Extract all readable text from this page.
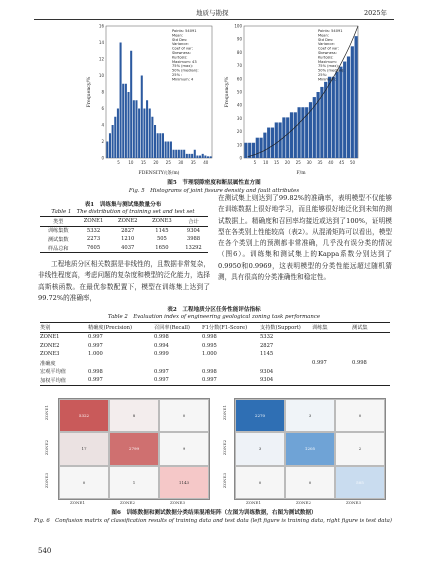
地质与勘探	2025年
0
2
4
6
8
10
12
14
16
5 10 15 20 25 30 35 40
FDENSITY/(条/m)
Frequency/%
Points: 54091
Mean:
Std Dev:
Variance:
Coef of var:
Skewness:
Kurtosis:
Maximum: 43
75% (max):
50% (median):
25% :
Minimum: 4
0
10
20
30
40
50
60
70
80
90
100
5 10 15 20 25 30 35 40 45 50
F/m
Frequency/%
Points: 54091
Mean:
Std Dev:
Variance:
Coef of var:
Skewness:
Kurtosis:
Maximum:
75% (max):
50% (median):
25%:
Minimum:
图5　节理裂隙密度和断层属性直方图
Fig. 5　Histograms of joint fissure density and fault attributes
表1　训练集与测试集数量分布
Table 1　The distribution of training set and test set
类型	ZONE1	ZONE2	ZONE3	合计
训练集数	5332	2827	1145	9304
测试集数	2273	1210	505	3988
样品总和	7605	4037	1650	13292

工程地质分区相关数据是非线性的，且数据非常复杂，非线性程度高，考虑问题的复杂度和模型的泛化能力，选择高斯核函数。在最优参数配置下，模型在训练集上达到了99.72%的准确率，

在测试集上则达到了99.82%的准确率，表明模型不仅能够在训练数据上很好地学习，而且能够很好地泛化到未知的测试数据上。精确度和召回率均接近或达到了100%，证明模型在各类别上性能较高（表2）。从混淆矩阵可以看出，模型在各个类别上的预测都非常准确，几乎没有误分类的情况（图6）。训练集和测试集上的Kappa系数分别达到了0.9950和0.9969，这表明模型的分类性能远超过随机猜测，具有很高的分类准确性和稳定性。

表2　工程地质分区任务性能评估指标
Table 2　Evaluation index of engineering geological zoning task performance
类别	精确度(Precision)	召回率(Recall)	F1分数(F1-Score)	支持数(Support)	训练集	测试集
ZONE1	0.997	0.998	0.998	5332		
ZONE2	0.997	0.994	0.995	2827		
ZONE3	1.000	0.999	1.000	1145		
准确度					0.997	0.998
宏观平均值	0.998	0.997	0.998	9304		
加权平均值	0.997	0.997	0.997	9304		
5322	8	0
17	2799	9
0	1	1143
2270	3	0
3	1205	2
0	0	505
ZONE1
ZONE2
ZONE3
ZONE1	ZONE2	ZONE3
ZONE1
ZONE2
ZONE3
ZONE1	ZONE2	ZONE3
图6　训练数据和测试数据分类结果混淆矩阵（左图为训练数据，右图为测试数据）
Fig. 6　Confusion matrix of classification results of training data and test data (left figure is training data, right figure is test data)
540
